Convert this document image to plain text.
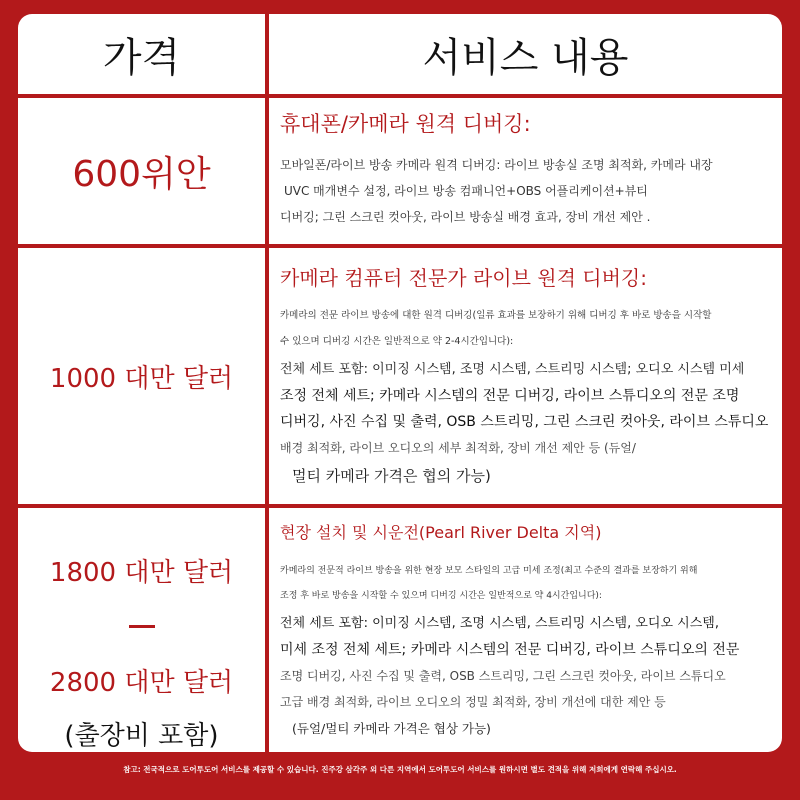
가격	서비스 내용
600위안
휴대폰/카메라 원격 디버깅:
모바일폰/라이브 방송 카메라 원격 디버깅: 라이브 방송실 조명 최적화, 카메라 내장
UVC 매개변수 설정, 라이브 방송 컴패니언+OBS 어플리케이션+뷰티
디버깅; 그린 스크린 컷아웃, 라이브 방송실 배경 효과, 장비 개선 제안 .
1000 대만 달러
카메라 컴퓨터 전문가 라이브 원격 디버깅:
카메라의 전문 라이브 방송에 대한 원격 디버깅(일류 효과를 보장하기 위해 디버깅 후 바로 방송을 시작할
수 있으며 디버깅 시간은 일반적으로 약 2-4시간입니다):
전체 세트 포함: 이미징 시스템, 조명 시스템, 스트리밍 시스템; 오디오 시스템 미세
조정 전체 세트; 카메라 시스템의 전문 디버깅, 라이브 스튜디오의 전문 조명
디버깅, 사진 수집 및 출력, OSB 스트리밍, 그린 스크린 컷아웃, 라이브 스튜디오
배경 최적화, 라이브 오디오의 세부 최적화, 장비 개선 제안 등 (듀얼/
멀티 카메라 가격은 협의 가능)
1800 대만 달러
2800 대만 달러
(출장비 포함)
현장 설치 및 시운전(Pearl River Delta 지역)
카메라의 전문적 라이브 방송을 위한 현장 보모 스타일의 고급 미세 조정(최고 수준의 결과를 보장하기 위해
조정 후 바로 방송을 시작할 수 있으며 디버깅 시간은 일반적으로 약 4시간입니다):
전체 세트 포함: 이미징 시스템, 조명 시스템, 스트리밍 시스템, 오디오 시스템,
미세 조정 전체 세트; 카메라 시스템의 전문 디버깅, 라이브 스튜디오의 전문
조명 디버깅, 사진 수집 및 출력, OSB 스트리밍, 그린 스크린 컷아웃, 라이브 스튜디오
고급 배경 최적화, 라이브 오디오의 정밀 최적화, 장비 개선에 대한 제안 등
(듀얼/멀티 카메라 가격은 협상 가능)
참고: 전국적으로 도어투도어 서비스를 제공할 수 있습니다. 진주강 삼각주 외 다른 지역에서 도어투도어 서비스를 원하시면 별도 견적을 위해 저희에게 연락해 주십시오.
